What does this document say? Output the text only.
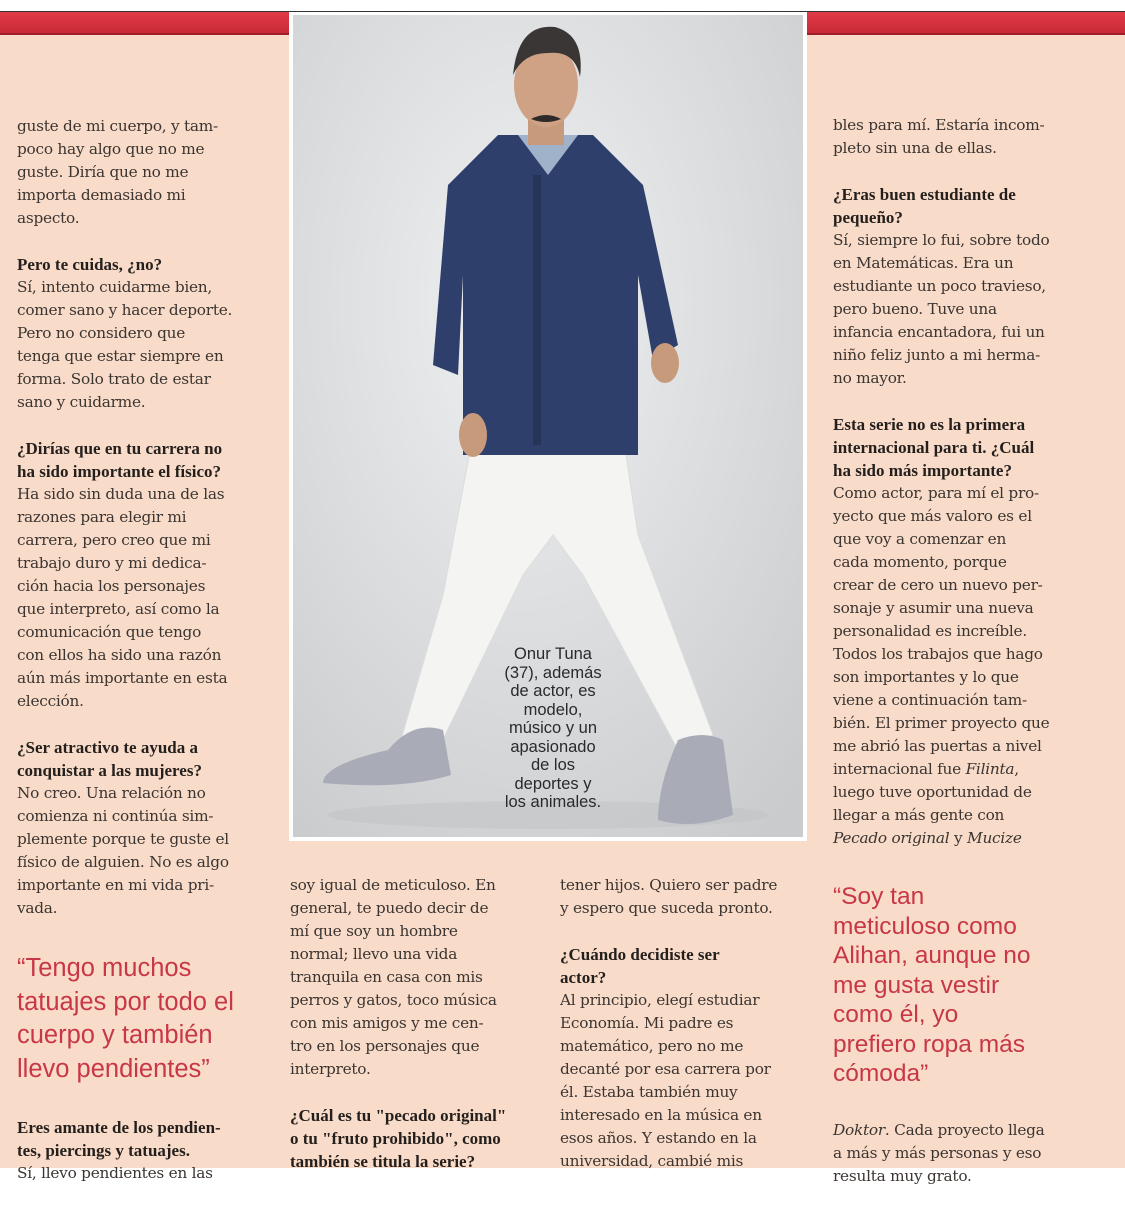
Onur Tuna
(37), además
de actor, es
modelo,
músico y un
apasionado
de los
deportes y
los animales.
guste de mi cuerpo, y tam-
poco hay algo que no me
guste. Diría que no me
importa demasiado mi
aspecto.
Pero te cuidas, ¿no?
Sí, intento cuidarme bien,
comer sano y hacer deporte.
Pero no considero que
tenga que estar siempre en
forma. Solo trato de estar
sano y cuidarme.
¿Dirías que en tu carrera no
ha sido importante el físico?
Ha sido sin duda una de las
razones para elegir mi
carrera, pero creo que mi
trabajo duro y mi dedica-
ción hacia los personajes
que interpreto, así como la
comunicación que tengo
con ellos ha sido una razón
aún más importante en esta
elección.
¿Ser atractivo te ayuda a
conquistar a las mujeres?
No creo. Una relación no
comienza ni continúa sim-
plemente porque te guste el
físico de alguien. No es algo
importante en mi vida pri-
vada.
“Tengo muchos
tatuajes por todo el
cuerpo y también
llevo pendientes”
Eres amante de los pendien-
tes, piercings y tatuajes.
Sí, llevo pendientes en las
soy igual de meticuloso. En
general, te puedo decir de
mí que soy un hombre
normal; llevo una vida
tranquila en casa con mis
perros y gatos, toco música
con mis amigos y me cen-
tro en los personajes que
interpreto.
¿Cuál es tu "pecado original"
o tu "fruto prohibido", como
también se titula la serie?
tener hijos. Quiero ser padre
y espero que suceda pronto.
¿Cuándo decidiste ser
actor?
Al principio, elegí estudiar
Economía. Mi padre es
matemático, pero no me
decanté por esa carrera por
él. Estaba también muy
interesado en la música en
esos años. Y estando en la
universidad, cambié mis
bles para mí. Estaría incom-
pleto sin una de ellas.
¿Eras buen estudiante de
pequeño?
Sí, siempre lo fui, sobre todo
en Matemáticas. Era un
estudiante un poco travieso,
pero bueno. Tuve una
infancia encantadora, fui un
niño feliz junto a mi herma-
no mayor.
Esta serie no es la primera
internacional para ti. ¿Cuál
ha sido más importante?
Como actor, para mí el pro-
yecto que más valoro es el
que voy a comenzar en
cada momento, porque
crear de cero un nuevo per-
sonaje y asumir una nueva
personalidad es increíble.
Todos los trabajos que hago
son importantes y lo que
viene a continuación tam-
bién. El primer proyecto que
me abrió las puertas a nivel
internacional fue Filinta,
luego tuve oportunidad de
llegar a más gente con
Pecado original y Mucize
“Soy tan
meticuloso como
Alihan, aunque no
me gusta vestir
como él, yo
prefiero ropa más
cómoda”
Doktor. Cada proyecto llega
a más y más personas y eso
resulta muy grato.
